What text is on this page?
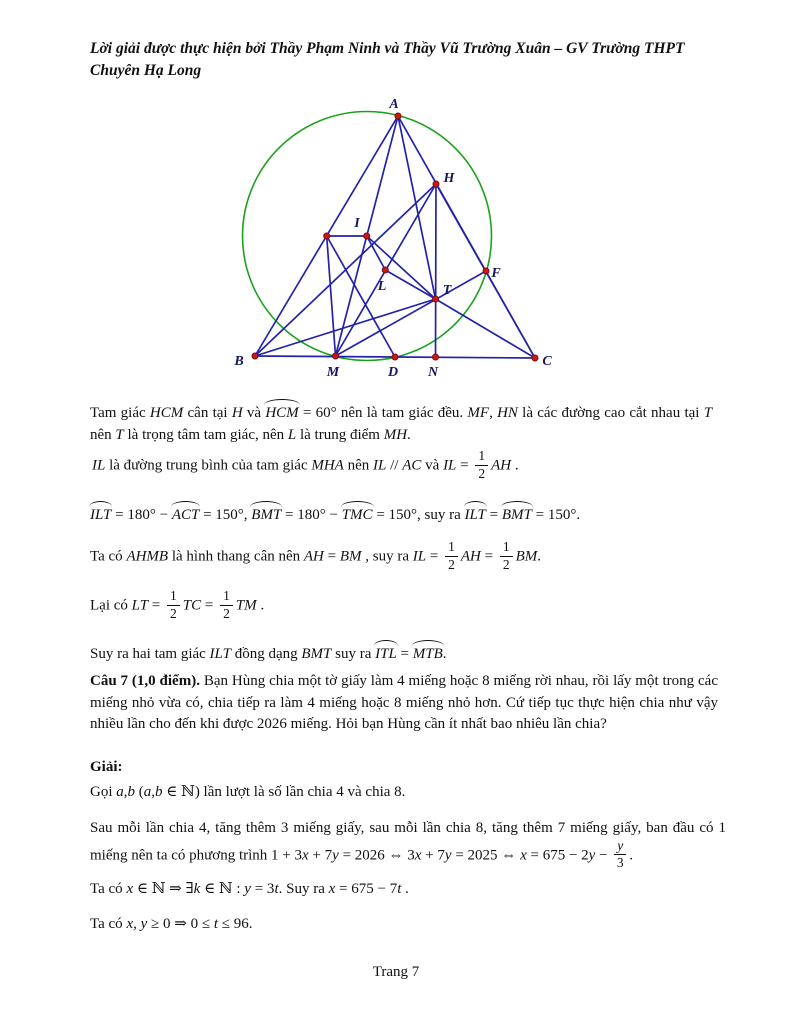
Lời giải được thực hiện bởi Thầy Phạm Ninh và Thầy Vũ Trường Xuân – GV Trường THPT Chuyên Hạ Long
A
H
I
L	T
F
B
M	D N
C

Tam giác HCM cân tại H và HCM = 60° nên là tam giác đều. MF, HN là các đường cao cắt nhau tại T nên T là trọng tâm tam giác, nên L là trung điểm MH.

IL là đường trung bình của tam giác MHA nên IL // AC và IL = $\frac{1}{2}$ AH .

ILT = 180° − ACT = 150°, BMT = 180° − TMC = 150°, suy ra ILT = BMT = 150°.

Ta có AHMB là hình thang cân nên AH = BM , suy ra IL = $\frac{1}{2}$ AH = $\frac{1}{2}$ BM.

Lại có LT = $\frac{1}{2}$ TC = $\frac{1}{2}$ TM .

Suy ra hai tam giác ILT đồng dạng BMT suy ra ITL = MTB.

Câu 7 (1,0 điểm). Bạn Hùng chia một tờ giấy làm 4 miếng hoặc 8 miếng rời nhau, rồi lấy một trong các miếng nhỏ vừa có, chia tiếp ra làm 4 miếng hoặc 8 miếng nhỏ hơn. Cứ tiếp tục thực hiện chia như vậy nhiều lần cho đến khi được 2026 miếng. Hỏi bạn Hùng cần ít nhất bao nhiêu lần chia?

Giải:

Gọi a,b (a,b ∈ ℕ) lần lượt là số lần chia 4 và chia 8.

Sau mỗi lần chia 4, tăng thêm 3 miếng giấy, sau mỗi lần chia 8, tăng thêm 7 miếng giấy, ban đầu có 1 miếng nên ta có phương trình 1 + 3x + 7y = 2026 ⇔ 3x + 7y = 2025 ⇔ $x = 675 - 2y - \frac{y}{3}$ .

Ta có x ∈ ℕ ⇒ ∃k ∈ ℕ : y = 3t. Suy ra x = 675 − 7t .

Ta có x, y ≥ 0 ⇒ 0 ≤ t ≤ 96.

Trang 7
